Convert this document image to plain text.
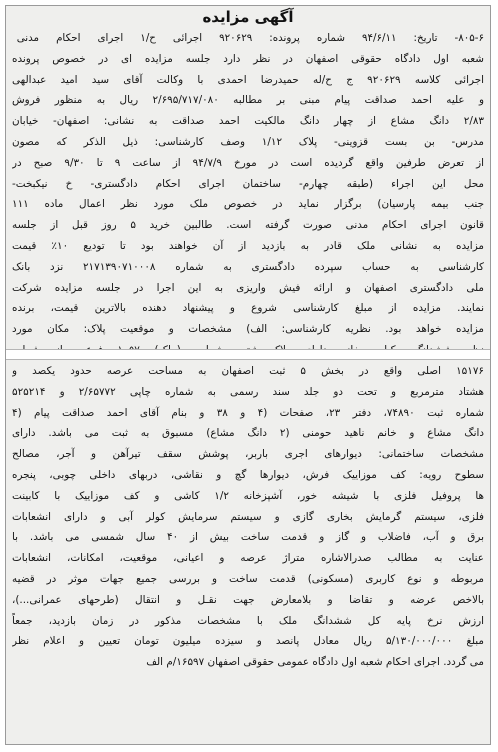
آگهی مزایده
۸۰۵-۶- تاریخ: ۹۴/۶/۱۱ شماره پرونده: ۹۲۰۶۲۹ اجرائی ح/۱ اجرای احکام مدنی
شعبه اول دادگاه حقوقی اصفهان در نظر دارد جلسه مزایده ای در خصوص پرونده
اجرائی کلاسه ۹۲۰۶۲۹ ج ح/له حمیدرضا احمدی با وکالت آقای سید امید عبدالهی
و علیه احمد صداقت پیام مبنی بر مطالبه ۲/۶۹۵/۷۱۷/۰۸۰ ریال به منظور فروش
۲/۸۳ دانگ مشاع از چهار دانگ مالکیت احمد صداقت به نشانی: اصفهان- خیابان
مدرس- بن بست قزوینی- پلاک ۱/۱۲ وصف کارشناسی: ذیل الذکر که مصون
از تعرض طرفین واقع گردیده است در مورخ ۹۴/۷/۹ از ساعت ۹ تا ۹/۳۰ صبح در
محل این اجراء (طبقه چهارم- ساختمان اجرای احکام دادگستری- خ نیکبخت-
جنب بیمه پارسیان) برگزار نماید در خصوص ملک مورد نظر اعمال ماده ۱۱۱
قانون اجرای احکام مدنی صورت گرفته است. طالبین خرید ۵ روز قبل از جلسه
مزایده به نشانی ملک قادر به بازدید از آن خواهند بود تا توديع ۱۰٪ قیمت
کارشناسی به حساب سپرده دادگستری به شماره ۲۱۷۱۳۹۰۷۱۰۰۰۸ نزد بانک
ملی دادگستری اصفهان و ارائه فیش واریزی به این اجرا در جلسه مزایده شرکت
نمایند. مزایده از مبلغ کارشناسی شروع و پیشنهاد دهنده بالاترین قیمت، برنده
مزایده خواهد بود. نظریه کارشناسی: الف) مشخصات و موقعیت پلاک: مکان مورد
۱۵۱۷۶ اصلی واقع در بخش ۵ ثبت اصفهان به مساحت عرصه حدود یکصد و
هشتاد مترمربع و تحت دو جلد سند رسمی به شماره چاپی ۲/۶۵۷۷۲ و ۵۲۵۲۱۴
شماره ثبت ۷۴۸۹۰، دفتر ۲۳، صفحات (۴ و ۳۸ و بنام آقای احمد صداقت پیام (۴
دانگ مشاع و خانم ناهید حومنی (۲ دانگ مشاع) مسبوق به ثبت می باشد. دارای
مشخصات ساختمانی: دیوارهای اجری باربر، پوشش سقف تیرآهن و آجر، مصالح
سطوح رویه: کف موزاییک فرش، دیوارها گچ و نقاشی، دربهای داخلی چوبی، پنجره
ها پروفیل فلزی با شیشه خور، آشپزخانه ۱/۲ کاشی و کف موزاییک با کابینت
فلزی، سیستم گرمایش بخاری گازی و سیستم سرمایش کولر آبی و دارای انشعابات
برق و آب، فاضلاب و گاز و قدمت ساخت بیش از ۴۰ سال شمسی می باشد. با
عنایت به مطالب صدرالاشاره متراژ عرصه و اعیانی، موقعیت، امکانات، انشعابات
مربوطه و نوع کاربری (مسکونی) قدمت ساخت و بررسی جمیع جهات موثر در قضیه
بالاخص عرضه و تقاضا و بلامعارض جهت نقـل و انتقال (طرحهای عمرانی...)،
ارزش نرخ پایه کل ششدانگ ملک با مشخصات مذکور در زمان بازدید، جمعاً
مبلغ ۵/۱۳۰/۰۰۰/۰۰۰ ریال معادل پانصد و سیزده میلیون تومان تعیین و اعلام نظر
می گردد. اجرای احکام شعبه اول دادگاه عمومی حقوقی اصفهان ۱۶۵۹۷/م الف
